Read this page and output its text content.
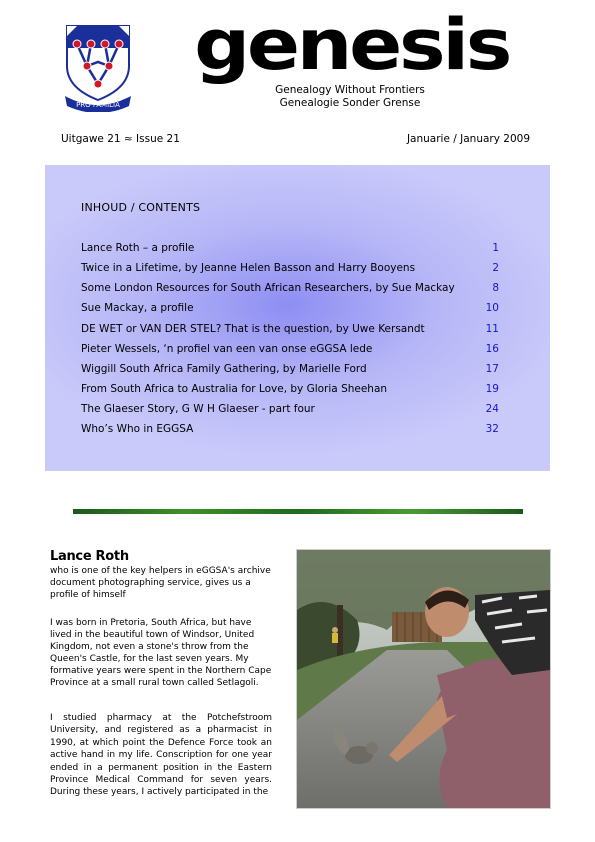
PRO FAMILIA
genesis
Genealogy Without Frontiers
Genealogie Sonder Grense
Uitgawe 21 ≈ Issue 21	Januarie / January 2009
INHOUD / CONTENTS
Lance Roth – a profile	1
Twice in a Lifetime, by Jeanne Helen Basson and Harry Booyens	2
Some London Resources for South African Researchers, by Sue Mackay	8
Sue Mackay, a profile	10
DE WET or VAN DER STEL? That is the question, by Uwe Kersandt	11
Pieter Wessels, ‘n profiel van een van onse eGGSA lede	16
Wiggill South Africa Family Gathering, by Marielle Ford	17
From South Africa to Australia for Love, by Gloria Sheehan	19
The Glaeser Story, G W H Glaeser - part four	24
Who’s Who in EGGSA	32
Lance Roth
who is one of the key helpers in eGGSA's archive document photographing service, gives us a profile of himself
I was born in Pretoria, South Africa, but have lived in the beautiful town of Windsor, United Kingdom, not even a stone's throw from the Queen's Castle, for the last seven years. My formative years were spent in the Northern Cape Province at a small rural town called Setlagoli.
I studied pharmacy at the Potchefstroom University, and registered as a pharmacist in 1990, at which point the Defence Force took an active hand in my life. Conscription for one year ended in a permanent position in the Eastern Province Medical Command for seven years. During these years, I actively participated in the
